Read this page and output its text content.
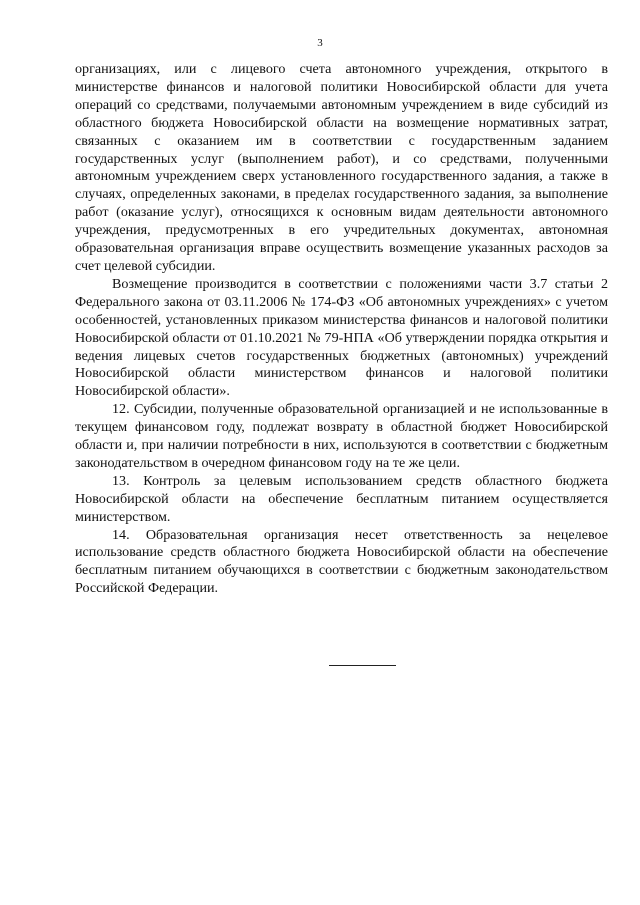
3

организациях, или с лицевого счета автономного учреждения, открытого в министерстве финансов и налоговой политики Новосибирской области для учета операций со средствами, получаемыми автономным учреждением в виде субсидий из областного бюджета Новосибирской области на возмещение нормативных затрат, связанных с оказанием им в соответствии с государственным заданием государственных услуг (выполнением работ), и со средствами, полученными автономным учреждением сверх установленного государственного задания, а также в случаях, определенных законами, в пределах государственного задания, за выполнение работ (оказание услуг), относящихся к основным видам деятельности автономного учреждения, предусмотренных в его учредительных документах, автономная образовательная организация вправе осуществить возмещение указанных расходов за счет целевой субсидии.

Возмещение производится в соответствии с положениями части 3.7 статьи 2 Федерального закона от 03.11.2006 № 174-ФЗ «Об автономных учреждениях» с учетом особенностей, установленных приказом министерства финансов и налоговой политики Новосибирской области от 01.10.2021 № 79-НПА «Об утверждении порядка открытия и ведения лицевых счетов государственных бюджетных (автономных) учреждений Новосибирской области министерством финансов и налоговой политики Новосибирской области».

12. Субсидии, полученные образовательной организацией и не использованные в текущем финансовом году, подлежат возврату в областной бюджет Новосибирской области и, при наличии потребности в них, используются в соответствии с бюджетным законодательством в очередном финансовом году на те же цели.

13. Контроль за целевым использованием средств областного бюджета Новосибирской области на обеспечение бесплатным питанием осуществляется министерством.

14. Образовательная организация несет ответственность за нецелевое использование средств областного бюджета Новосибирской области на обеспечение бесплатным питанием обучающихся в соответствии с бюджетным законодательством Российской Федерации.
